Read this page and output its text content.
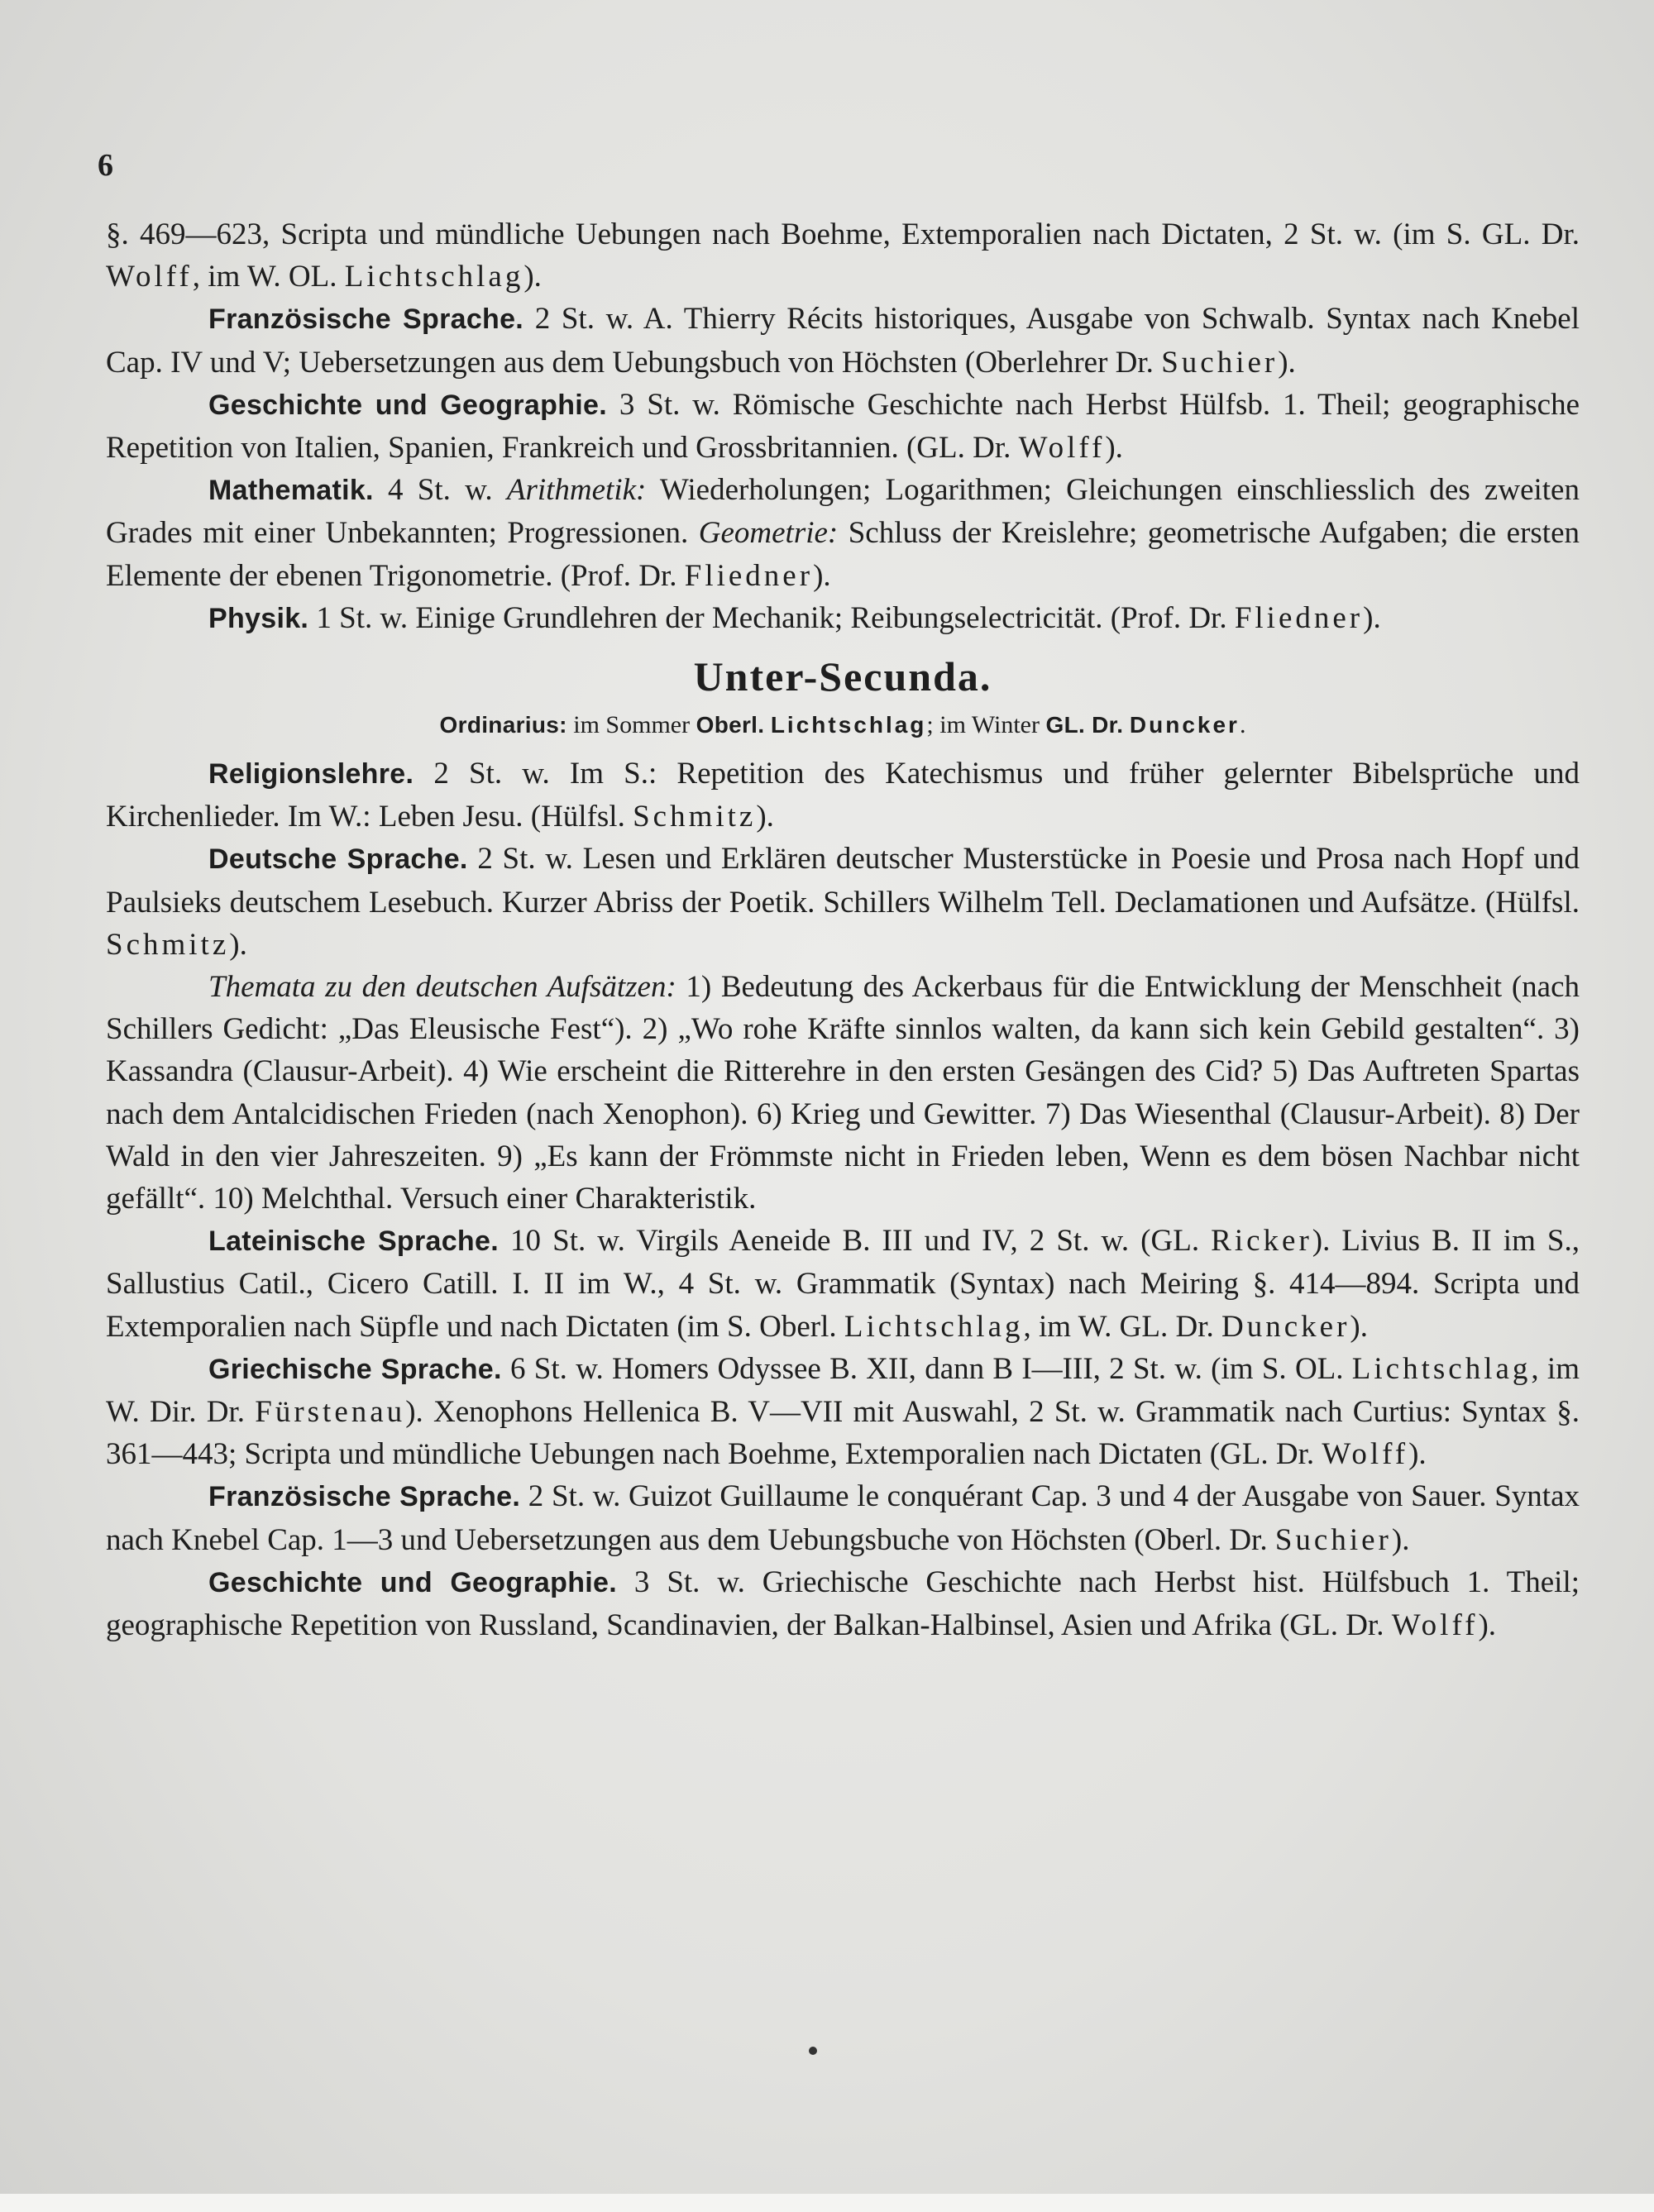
6

§. 469—623, Scripta und mündliche Uebungen nach Boehme, Extemporalien nach Dictaten, 2 St. w. (im S. GL. Dr. Wolff, im W. OL. Lichtschlag).

Französische Sprache. 2 St. w. A. Thierry Récits historiques, Ausgabe von Schwalb. Syntax nach Knebel Cap. IV und V; Uebersetzungen aus dem Uebungsbuch von Höchsten (Oberlehrer Dr. Suchier).

Geschichte und Geographie. 3 St. w. Römische Geschichte nach Herbst Hülfsb. 1. Theil; geographische Repetition von Italien, Spanien, Frankreich und Grossbritannien. (GL. Dr. Wolff).

Mathematik. 4 St. w. Arithmetik: Wiederholungen; Logarithmen; Gleichungen einschliesslich des zweiten Grades mit einer Unbekannten; Progressionen. Geometrie: Schluss der Kreislehre; geometrische Aufgaben; die ersten Elemente der ebenen Trigonometrie. (Prof. Dr. Fliedner).

Physik. 1 St. w. Einige Grundlehren der Mechanik; Reibungselectricität. (Prof. Dr. Fliedner).

Unter-Secunda.
Ordinarius: im Sommer Oberl. Lichtschlag; im Winter GL. Dr. Duncker.

Religionslehre. 2 St. w. Im S.: Repetition des Katechismus und früher gelernter Bibelsprüche und Kirchenlieder. Im W.: Leben Jesu. (Hülfsl. Schmitz).

Deutsche Sprache. 2 St. w. Lesen und Erklären deutscher Musterstücke in Poesie und Prosa nach Hopf und Paulsieks deutschem Lesebuch. Kurzer Abriss der Poetik. Schillers Wilhelm Tell. Declamationen und Aufsätze. (Hülfsl. Schmitz).

Themata zu den deutschen Aufsätzen: 1) Bedeutung des Ackerbaus für die Entwicklung der Menschheit (nach Schillers Gedicht: „Das Eleusische Fest“). 2) „Wo rohe Kräfte sinnlos walten, da kann sich kein Gebild gestalten“. 3) Kassandra (Clausur-Arbeit). 4) Wie erscheint die Ritterehre in den ersten Gesängen des Cid? 5) Das Auftreten Spartas nach dem Antalcidischen Frieden (nach Xenophon). 6) Krieg und Gewitter. 7) Das Wiesenthal (Clausur-Arbeit). 8) Der Wald in den vier Jahreszeiten. 9) „Es kann der Frömmste nicht in Frieden leben, Wenn es dem bösen Nachbar nicht gefällt“. 10) Melchthal. Versuch einer Charakteristik.

Lateinische Sprache. 10 St. w. Virgils Aeneide B. III und IV, 2 St. w. (GL. Ricker). Livius B. II im S., Sallustius Catil., Cicero Catill. I. II im W., 4 St. w. Grammatik (Syntax) nach Meiring §. 414—894. Scripta und Extemporalien nach Süpfle und nach Dictaten (im S. Oberl. Lichtschlag, im W. GL. Dr. Duncker).

Griechische Sprache. 6 St. w. Homers Odyssee B. XII, dann B I—III, 2 St. w. (im S. OL. Lichtschlag, im W. Dir. Dr. Fürstenau). Xenophons Hellenica B. V—VII mit Auswahl, 2 St. w. Grammatik nach Curtius: Syntax §. 361—443; Scripta und mündliche Uebungen nach Boehme, Extemporalien nach Dictaten (GL. Dr. Wolff).

Französische Sprache. 2 St. w. Guizot Guillaume le conquérant Cap. 3 und 4 der Ausgabe von Sauer. Syntax nach Knebel Cap. 1—3 und Uebersetzungen aus dem Uebungsbuche von Höchsten (Oberl. Dr. Suchier).

Geschichte und Geographie. 3 St. w. Griechische Geschichte nach Herbst hist. Hülfsbuch 1. Theil; geographische Repetition von Russland, Scandinavien, der Balkan-Halbinsel, Asien und Afrika (GL. Dr. Wolff).
